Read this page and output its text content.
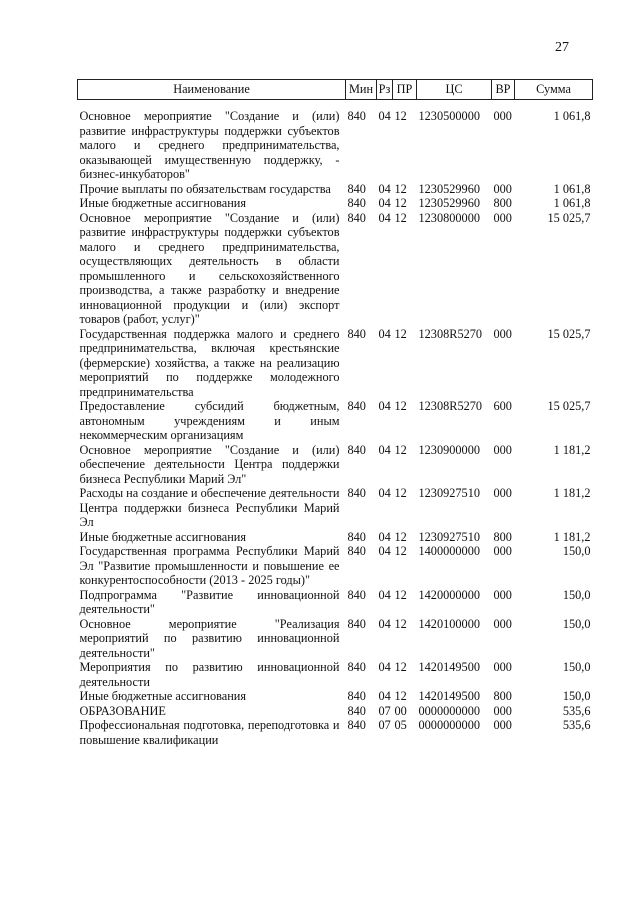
27
Наименование	Мин	Рз	ПР	ЦС	ВР	Сумма
Основное мероприятие "Создание и (или) развитие инфраструктуры поддержки субъектов малого и среднего предпринимательства, оказывающей имущественную поддержку, - бизнес-инкубаторов"	840	04	12	1230500000	000	1 061,8
Прочие выплаты по обязательствам государства	840	04	12	1230529960	000	1 061,8
Иные бюджетные ассигнования	840	04	12	1230529960	800	1 061,8
Основное мероприятие "Создание и (или) развитие инфраструктуры поддержки субъектов малого и среднего предпринимательства, осуществляющих деятельность в области промышленного и сельскохозяйственного производства, а также разработку и внедрение инновационной продукции и (или) экспорт товаров (работ, услуг)"	840	04	12	1230800000	000	15 025,7
Государственная поддержка малого и среднего предпринимательства, включая крестьянские (фермерские) хозяйства, а также на реализацию мероприятий по поддержке молодежного предпринимательства	840	04	12	12308R5270	000	15 025,7
Предоставление субсидий бюджетным, автономным учреждениям и иным некоммерческим организациям	840	04	12	12308R5270	600	15 025,7
Основное мероприятие "Создание и (или) обеспечение деятельности Центра поддержки бизнеса Республики Марий Эл"	840	04	12	1230900000	000	1 181,2
Расходы на создание и обеспечение деятельности Центра поддержки бизнеса Республики Марий Эл	840	04	12	1230927510	000	1 181,2
Иные бюджетные ассигнования	840	04	12	1230927510	800	1 181,2
Государственная программа Республики Марий Эл "Развитие промышленности и повышение ее конкурентоспособности (2013 - 2025 годы)"	840	04	12	1400000000	000	150,0
Подпрограмма "Развитие инновационной деятельности"	840	04	12	1420000000	000	150,0
Основное мероприятие "Реализация мероприятий по развитию инновационной деятельности"	840	04	12	1420100000	000	150,0
Мероприятия по развитию инновационной деятельности	840	04	12	1420149500	000	150,0
Иные бюджетные ассигнования	840	04	12	1420149500	800	150,0
ОБРАЗОВАНИЕ	840	07	00	0000000000	000	535,6
Профессиональная подготовка, переподготовка и повышение квалификации	840	07	05	0000000000	000	535,6
